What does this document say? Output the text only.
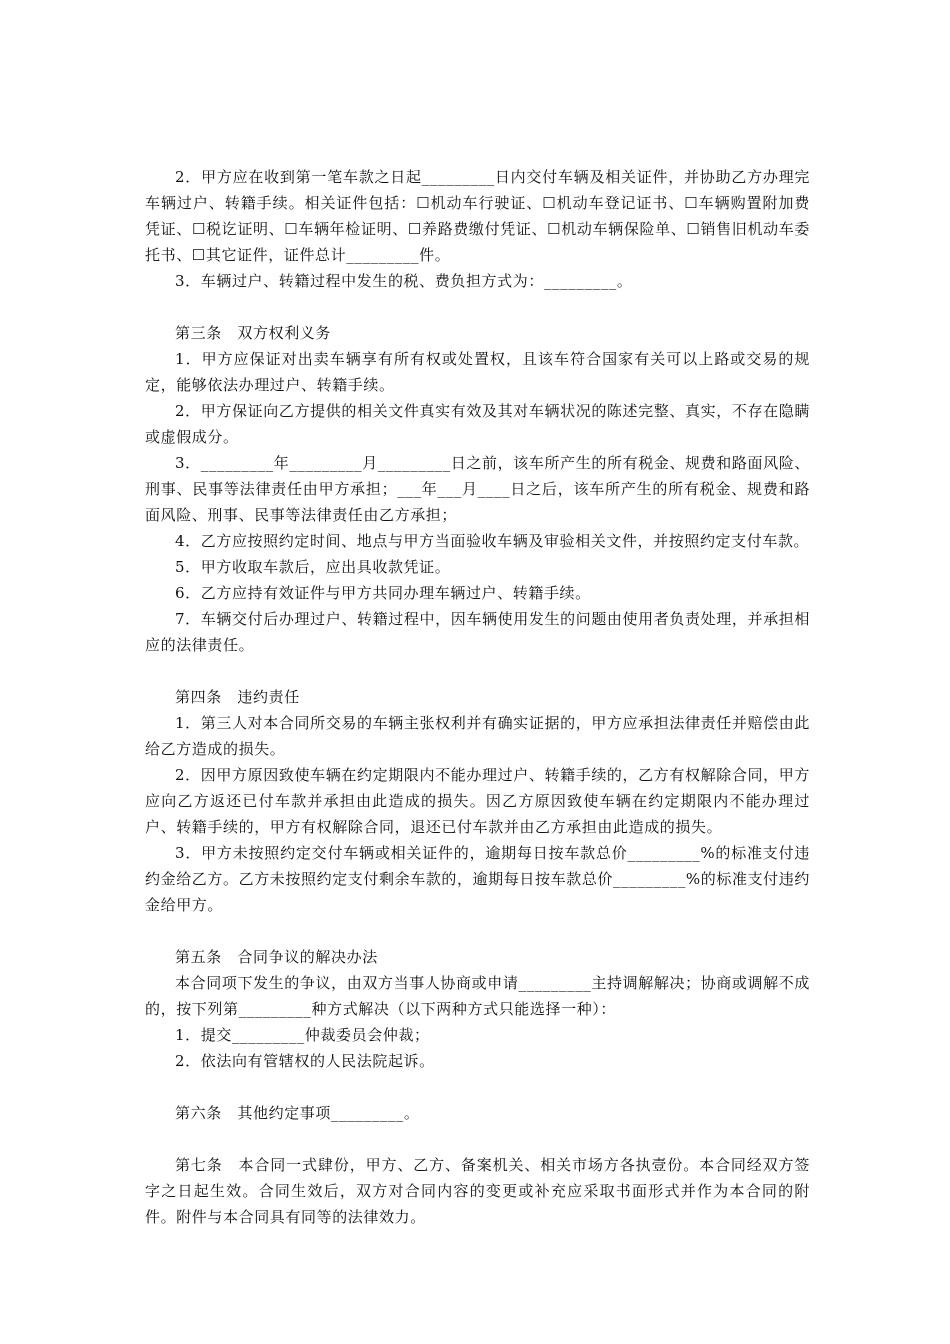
2．甲方应在收到第一笔车款之日起_________日内交付车辆及相关证件，并协助乙方办理完车辆过户、转籍手续。相关证件包括：☐机动车行驶证、☐机动车登记证书、☐车辆购置附加费凭证、☐税讫证明、☐车辆年检证明、☐养路费缴付凭证、☐机动车辆保险单、☐销售旧机动车委托书、☐其它证件，证件总计_________件。

3．车辆过户、转籍过程中发生的税、费负担方式为：_________。

第三条　双方权利义务

1．甲方应保证对出卖车辆享有所有权或处置权，且该车符合国家有关可以上路或交易的规定，能够依法办理过户、转籍手续。

2．甲方保证向乙方提供的相关文件真实有效及其对车辆状况的陈述完整、真实，不存在隐瞒或虚假成分。

3．_________年_________月_________日之前，该车所产生的所有税金、规费和路面风险、刑事、民事等法律责任由甲方承担；___年___月____日之后，该车所产生的所有税金、规费和路面风险、刑事、民事等法律责任由乙方承担；

4．乙方应按照约定时间、地点与甲方当面验收车辆及审验相关文件，并按照约定支付车款。

5．甲方收取车款后，应出具收款凭证。

6．乙方应持有效证件与甲方共同办理车辆过户、转籍手续。

7．车辆交付后办理过户、转籍过程中，因车辆使用发生的问题由使用者负责处理，并承担相应的法律责任。

第四条　违约责任

1．第三人对本合同所交易的车辆主张权利并有确实证据的，甲方应承担法律责任并赔偿由此给乙方造成的损失。

2．因甲方原因致使车辆在约定期限内不能办理过户、转籍手续的，乙方有权解除合同，甲方应向乙方返还已付车款并承担由此造成的损失。因乙方原因致使车辆在约定期限内不能办理过户、转籍手续的，甲方有权解除合同，退还已付车款并由乙方承担由此造成的损失。

3．甲方未按照约定交付车辆或相关证件的，逾期每日按车款总价_________%的标准支付违约金给乙方。乙方未按照约定支付剩余车款的，逾期每日按车款总价_________%的标准支付违约金给甲方。

第五条　合同争议的解决办法

本合同项下发生的争议，由双方当事人协商或申请_________主持调解解决；协商或调解不成的，按下列第_________种方式解决（以下两种方式只能选择一种）：

1．提交_________仲裁委员会仲裁；

2．依法向有管辖权的人民法院起诉。

第六条　其他约定事项_________。

第七条　本合同一式肆份，甲方、乙方、备案机关、相关市场方各执壹份。本合同经双方签字之日起生效。合同生效后，双方对合同内容的变更或补充应采取书面形式并作为本合同的附件。附件与本合同具有同等的法律效力。
